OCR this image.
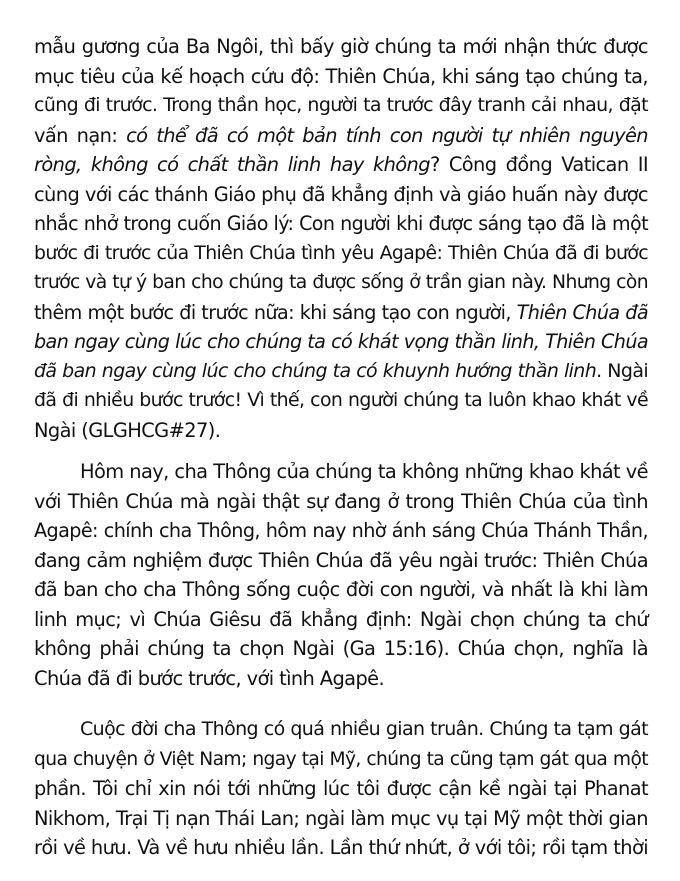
mẫu gương của Ba Ngôi, thì bấy giờ chúng ta mới nhận thức được
mục tiêu của kế hoạch cứu độ: Thiên Chúa, khi sáng tạo chúng ta,
cũng đi trước. Trong thần học, người ta trước đây tranh cải nhau, đặt
vấn nạn: có thể đã có một bản tính con người tự nhiên nguyên
ròng, không có chất thần linh hay không? Công đồng Vatican II
cùng với các thánh Giáo phụ đã khẳng định và giáo huấn này được
nhắc nhở trong cuốn Giáo lý: Con người khi được sáng tạo đã là một
bước đi trước của Thiên Chúa tình yêu Agapê: Thiên Chúa đã đi bước
trước và tự ý ban cho chúng ta được sống ở trần gian này. Nhưng còn
thêm một bước đi trước nữa: khi sáng tạo con người, Thiên Chúa đã
ban ngay cùng lúc cho chúng ta có khát vọng thần linh, Thiên Chúa
đã ban ngay cùng lúc cho chúng ta có khuynh hướng thần linh. Ngài
đã đi nhiều bước trước! Vì thế, con người chúng ta luôn khao khát về
Ngài (GLGHCG#27).
Hôm nay, cha Thông của chúng ta không những khao khát về
với Thiên Chúa mà ngài thật sự đang ở trong Thiên Chúa của tình
Agapê: chính cha Thông, hôm nay nhờ ánh sáng Chúa Thánh Thần,
đang cảm nghiệm được Thiên Chúa đã yêu ngài trước: Thiên Chúa
đã ban cho cha Thông sống cuộc đời con người, và nhất là khi làm
linh mục; vì Chúa Giêsu đã khẳng định: Ngài chọn chúng ta chứ
không phải chúng ta chọn Ngài (Ga 15:16). Chúa chọn, nghĩa là
Chúa đã đi bước trước, với tình Agapê.
Cuộc đời cha Thông có quá nhiều gian truân. Chúng ta tạm gát
qua chuyện ở Việt Nam; ngay tại Mỹ, chúng ta cũng tạm gát qua một
phần. Tôi chỉ xin nói tới những lúc tôi được cận kề ngài tại Phanat
Nikhom, Trại Tị nạn Thái Lan; ngài làm mục vụ tại Mỹ một thời gian
rồi về hưu. Và về hưu nhiều lần. Lần thứ nhứt, ở với tôi; rồi tạm thời
